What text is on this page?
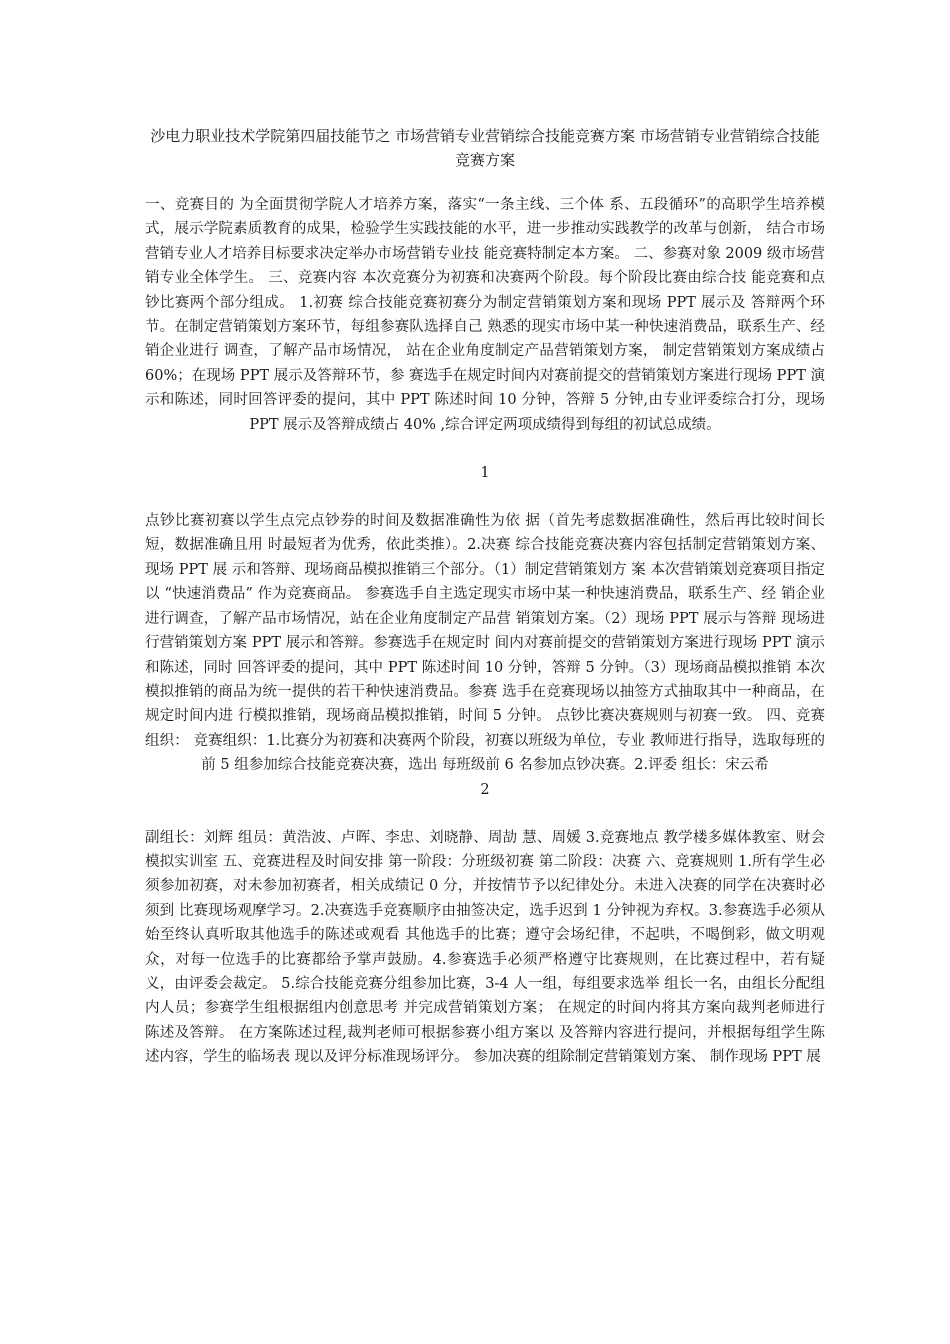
沙电力职业技术学院第四届技能节之 市场营销专业营销综合技能竞赛方案 市场营销专业营销综合技能竞赛方案

一、竞赛目的 为全面贯彻学院人才培养方案，落实“一条主线、三个体 系、五段循环”的高职学生培养模式，展示学院素质教育的成果，检验学生实践技能的水平，进一步推动实践教学的改革与创新， 结合市场营销专业人才培养目标要求决定举办市场营销专业技 能竞赛特制定本方案。 二、参赛对象 2009 级市场营销专业全体学生。 三、竞赛内容 本次竞赛分为初赛和决赛两个阶段。每个阶段比赛由综合技 能竞赛和点钞比赛两个部分组成。 1.初赛 综合技能竞赛初赛分为制定营销策划方案和现场 PPT 展示及 答辩两个环节。在制定营销策划方案环节，每组参赛队选择自己 熟悉的现实市场中某一种快速消费品，联系生产、经销企业进行 调查，了解产品市场情况， 站在企业角度制定产品营销策划方案， 制定营销策划方案成绩占 60%；在现场 PPT 展示及答辩环节，参 赛选手在规定时间内对赛前提交的营销策划方案进行现场 PPT 演 示和陈述，同时回答评委的提问，其中 PPT 陈述时间 10 分钟，答辩 5 分钟,由专业评委综合打分，现场 PPT 展示及答辩成绩占 40% ,综合评定两项成绩得到每组的初试总成绩。

1

点钞比赛初赛以学生点完点钞券的时间及数据准确性为依 据（首先考虑数据准确性，然后再比较时间长短，数据准确且用 时最短者为优秀，依此类推）。2.决赛 综合技能竞赛决赛内容包括制定营销策划方案、现场 PPT 展 示和答辩、现场商品模拟推销三个部分。（1）制定营销策划方 案 本次营销策划竞赛项目指定以 “快速消费品” 作为竞赛商品。 参赛选手自主选定现实市场中某一种快速消费品，联系生产、经 销企业进行调查，了解产品市场情况，站在企业角度制定产品营 销策划方案。（2）现场 PPT 展示与答辩 现场进行营销策划方案 PPT 展示和答辩。参赛选手在规定时 间内对赛前提交的营销策划方案进行现场 PPT 演示和陈述，同时 回答评委的提问，其中 PPT 陈述时间 10 分钟，答辩 5 分钟。（3）现场商品模拟推销 本次模拟推销的商品为统一提供的若干种快速消费品。参赛 选手在竞赛现场以抽签方式抽取其中一种商品，在规定时间内进 行模拟推销，现场商品模拟推销，时间 5 分钟。 点钞比赛决赛规则与初赛一致。 四、竞赛组织： 竞赛组织：1.比赛分为初赛和决赛两个阶段，初赛以班级为单位，专业 教师进行指导，选取每班的前 5 组参加综合技能竞赛决赛，选出 每班级前 6 名参加点钞决赛。2.评委 组长：宋云希

2

副组长：刘辉 组员：黄浩波、卢晖、李忠、刘晓静、周劼 慧、周媛 3.竞赛地点 教学楼多媒体教室、财会模拟实训室 五、竞赛进程及时间安排 第一阶段：分班级初赛 第二阶段：决赛 六、竞赛规则 1.所有学生必须参加初赛，对未参加初赛者，相关成绩记 0 分，并按情节予以纪律处分。未进入决赛的同学在决赛时必须到 比赛现场观摩学习。2.决赛选手竞赛顺序由抽签决定，选手迟到 1 分钟视为弃权。3.参赛选手必须从始至终认真听取其他选手的陈述或观看 其他选手的比赛；遵守会场纪律，不起哄，不喝倒彩，做文明观 众，对每一位选手的比赛都给予掌声鼓励。4.参赛选手必须严格遵守比赛规则，在比赛过程中，若有疑 义，由评委会裁定。 5.综合技能竞赛分组参加比赛，3-4 人一组，每组要求选举 组长一名，由组长分配组内人员；参赛学生组根据组内创意思考 并完成营销策划方案； 在规定的时间内将其方案向裁判老师进行 陈述及答辩。 在方案陈述过程,裁判老师可根据参赛小组方案以 及答辩内容进行提问，并根据每组学生陈述内容，学生的临场表 现以及评分标准现场评分。 参加决赛的组除制定营销策划方案、 制作现场 PPT 展
